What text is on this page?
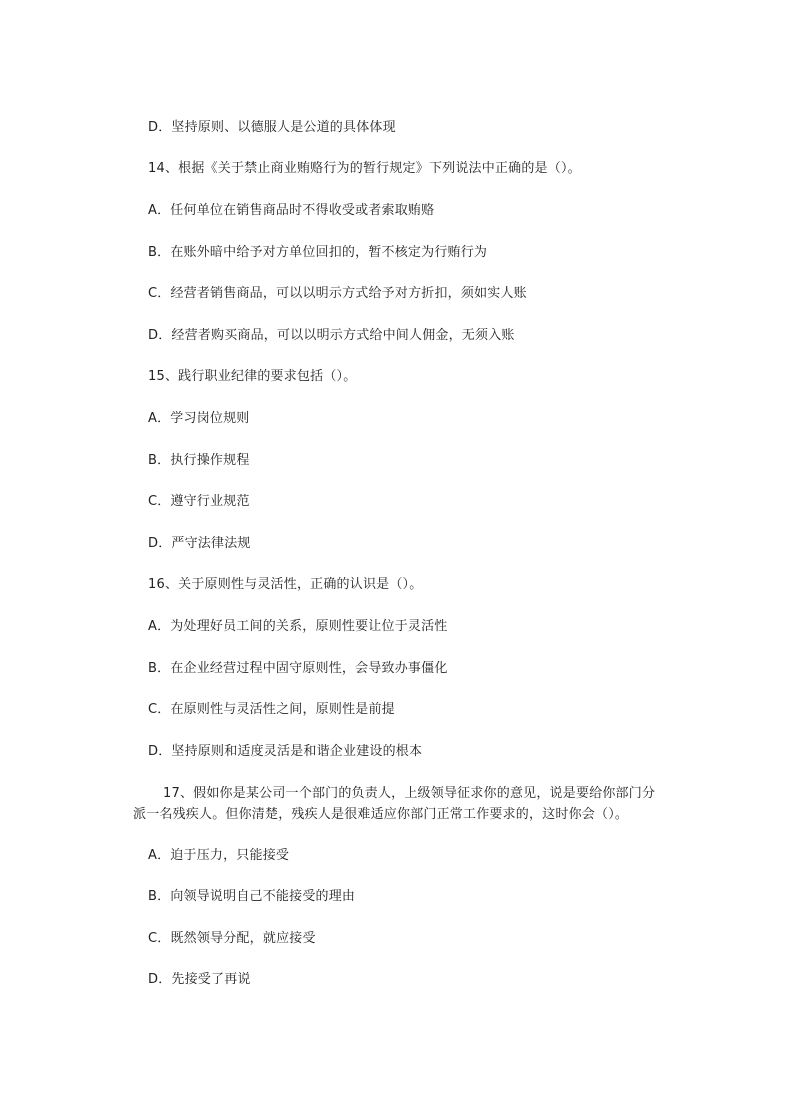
D．坚持原则、以德服人是公道的具体体现
14、根据《关于禁止商业贿赂行为的暂行规定》下列说法中正确的是（）。
A．任何单位在销售商品时不得收受或者索取贿赂
B．在账外暗中给予对方单位回扣的，暂不核定为行贿行为
C．经营者销售商品，可以以明示方式给予对方折扣，须如实人账
D．经营者购买商品，可以以明示方式给中间人佣金，无须入账
15、践行职业纪律的要求包括（）。
A．学习岗位规则
B．执行操作规程
C．遵守行业规范
D．严守法律法规
16、关于原则性与灵活性，正确的认识是（）。
A．为处理好员工间的关系，原则性要让位于灵活性
B．在企业经营过程中固守原则性，会导致办事僵化
C．在原则性与灵活性之间，原则性是前提
D．坚持原则和适度灵活是和谐企业建设的根本

17、假如你是某公司一个部门的负责人，上级领导征求你的意见，说是要给你部门分

派一名残疾人。但你清楚，残疾人是很难适应你部门正常工作要求的，这时你会（）。

A．迫于压力，只能接受
B．向领导说明自己不能接受的理由
C．既然领导分配，就应接受
D．先接受了再说
